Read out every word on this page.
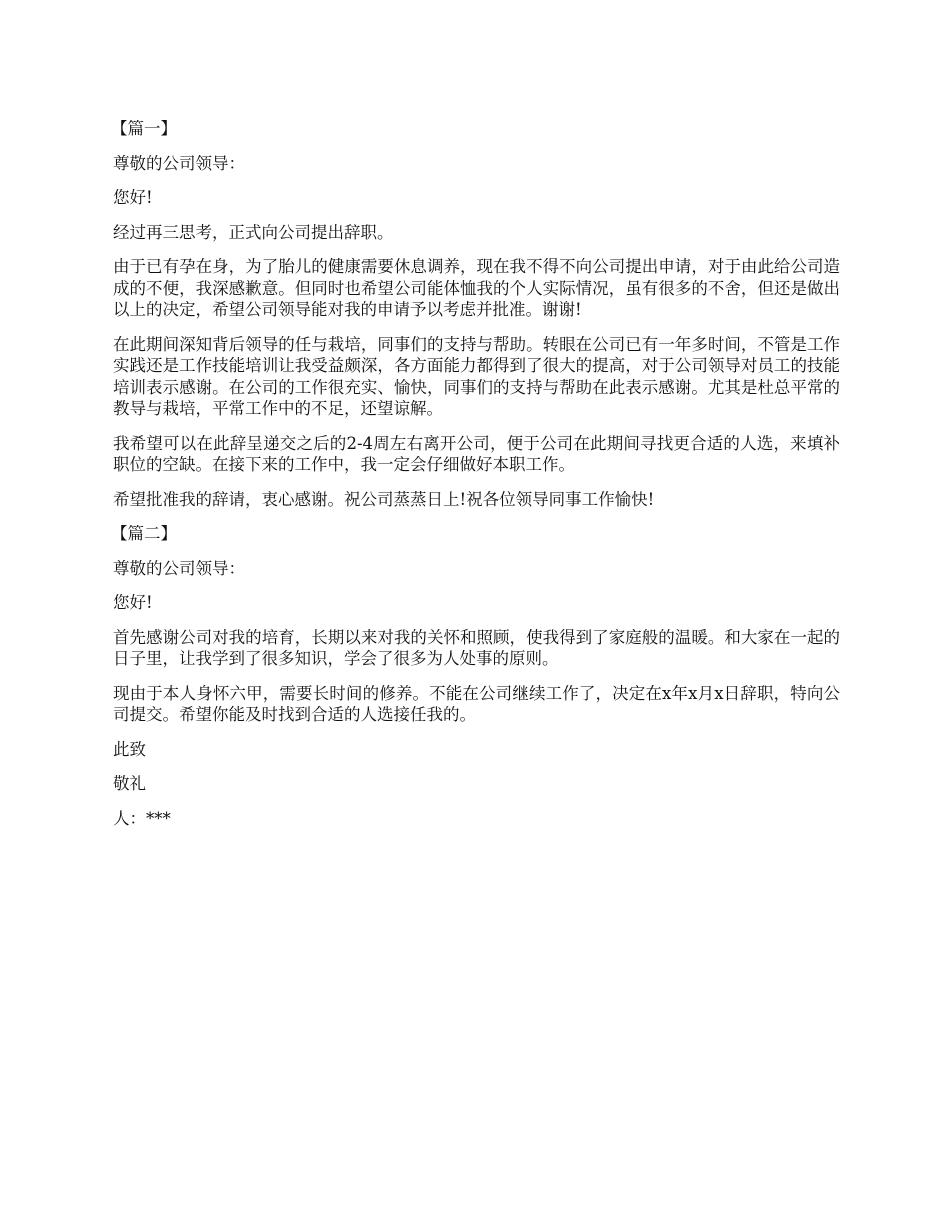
【篇一】

尊敬的公司领导：

您好!

经过再三思考，正式向公司提出辞职。

由于已有孕在身，为了胎儿的健康需要休息调养，现在我不得不向公司提出申请，对于由此给公司造成的不便，我深感歉意。但同时也希望公司能体恤我的个人实际情况，虽有很多的不舍，但还是做出以上的决定，希望公司领导能对我的申请予以考虑并批准。谢谢!

在此期间深知背后领导的任与栽培，同事们的支持与帮助。转眼在公司已有一年多时间，不管是工作实践还是工作技能培训让我受益颇深，各方面能力都得到了很大的提高，对于公司领导对员工的技能培训表示感谢。在公司的工作很充实、愉快，同事们的支持与帮助在此表示感谢。尤其是杜总平常的教导与栽培，平常工作中的不足，还望谅解。

我希望可以在此辞呈递交之后的2-4周左右离开公司，便于公司在此期间寻找更合适的人选，来填补职位的空缺。在接下来的工作中，我一定会仔细做好本职工作。

希望批准我的辞请，衷心感谢。祝公司蒸蒸日上!祝各位领导同事工作愉快!

【篇二】

尊敬的公司领导：

您好!

首先感谢公司对我的培育，长期以来对我的关怀和照顾，使我得到了家庭般的温暖。和大家在一起的日子里，让我学到了很多知识，学会了很多为人处事的原则。

现由于本人身怀六甲，需要长时间的修养。不能在公司继续工作了，决定在x年x月x日辞职，特向公司提交。希望你能及时找到合适的人选接任我的。

此致

敬礼

人：***
